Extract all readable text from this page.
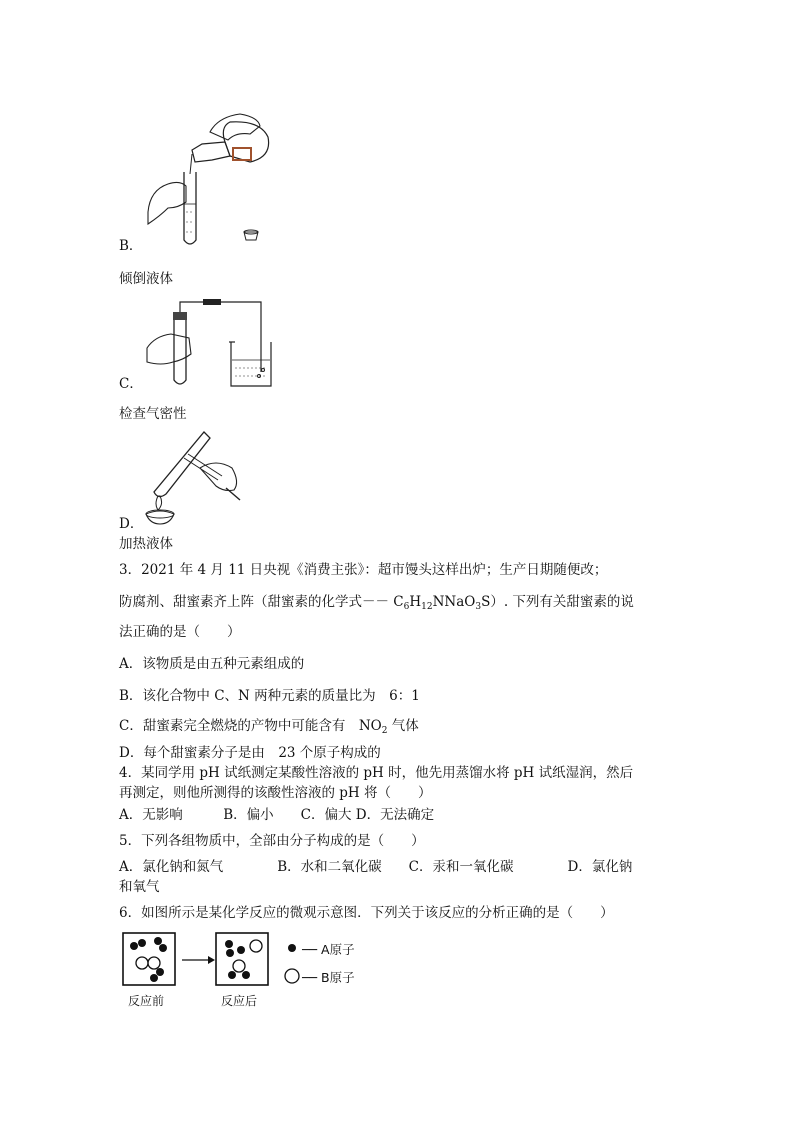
B．
倾倒液体
C．
检查气密性
D．
加热液体
3．2021 年 4 月 11 日央视《消费主张》：超市馒头这样出炉；生产日期随便改；
防腐剂、甜蜜素齐上阵（甜蜜素的化学式－－ $C_6H_{12}NNaO_3S$）. 下列有关甜蜜素的说
法正确的是（　　）
A．该物质是由五种元素组成的
B．该化合物中 C、N 两种元素的质量比为　6：1
C．甜蜜素完全燃烧的产物中可能含有　$NO_2$ 气体
D．每个甜蜜素分子是由　23 个原子构成的
4．某同学用 pH 试纸测定某酸性溶液的 pH 时，他先用蒸馏水将 pH 试纸湿润，然后
再测定，则他所测得的该酸性溶液的 pH 将（　　）
A．无影响　　　B．偏小　　C．偏大 D．无法确定
5．下列各组物质中，全部由分子构成的是（　　）
A．氯化钠和氮气　　　　B．水和二氧化碳　　C．汞和一氧化碳　　　　D．氯化钠
和氧气
6．如图所示是某化学反应的微观示意图．下列关于该反应的分析正确的是（　　）
反应前	反应后
── A原子
── B原子
